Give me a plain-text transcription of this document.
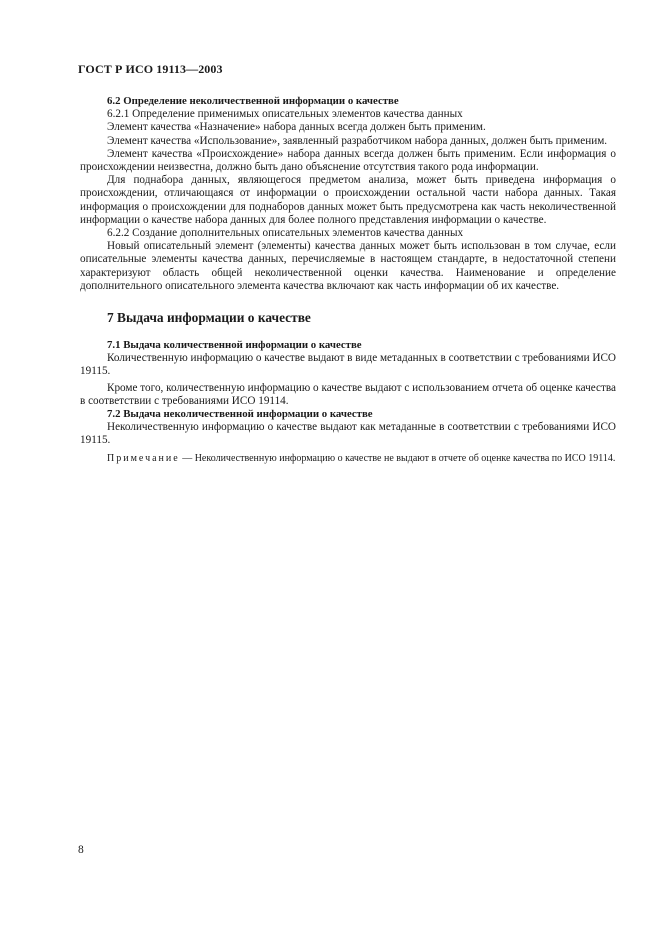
ГОСТ Р ИСО 19113—2003

6.2 Определение неколичественной информации о качестве

6.2.1 Определение применимых описательных элементов качества данных

Элемент качества «Назначение» набора данных всегда должен быть применим.

Элемент качества «Использование», заявленный разработчиком набора данных, должен быть применим.

Элемент качества «Происхождение» набора данных всегда должен быть применим. Если информация о происхождении неизвестна, должно быть дано объяснение отсутствия такого рода информации.

Для поднабора данных, являющегося предметом анализа, может быть приведена информация о происхождении, отличающаяся от информации о происхождении остальной части набора данных. Такая информация о происхождении для поднаборов данных может быть предусмотрена как часть неколичественной информации о качестве набора данных для более полного представления информации о качестве.

6.2.2 Создание дополнительных описательных элементов качества данных

Новый описательный элемент (элементы) качества данных может быть использован в том случае, если описательные элементы качества данных, перечисляемые в настоящем стандарте, в недостаточной степени характеризуют область общей неколичественной оценки качества. Наименование и определение дополнительного описательного элемента качества включают как часть информации об их качестве.

7 Выдача информации о качестве

7.1 Выдача количественной информации о качестве

Количественную информацию о качестве выдают в виде метаданных в соответствии с требованиями ИСО 19115.

Кроме того, количественную информацию о качестве выдают с использованием отчета об оценке качества в соответствии с требованиями ИСО 19114.

7.2 Выдача неколичественной информации о качестве

Неколичественную информацию о качестве выдают как метаданные в соответствии с требованиями ИСО 19115.

Примечание — Неколичественную информацию о качестве не выдают в отчете об оценке качества по ИСО 19114.

8
